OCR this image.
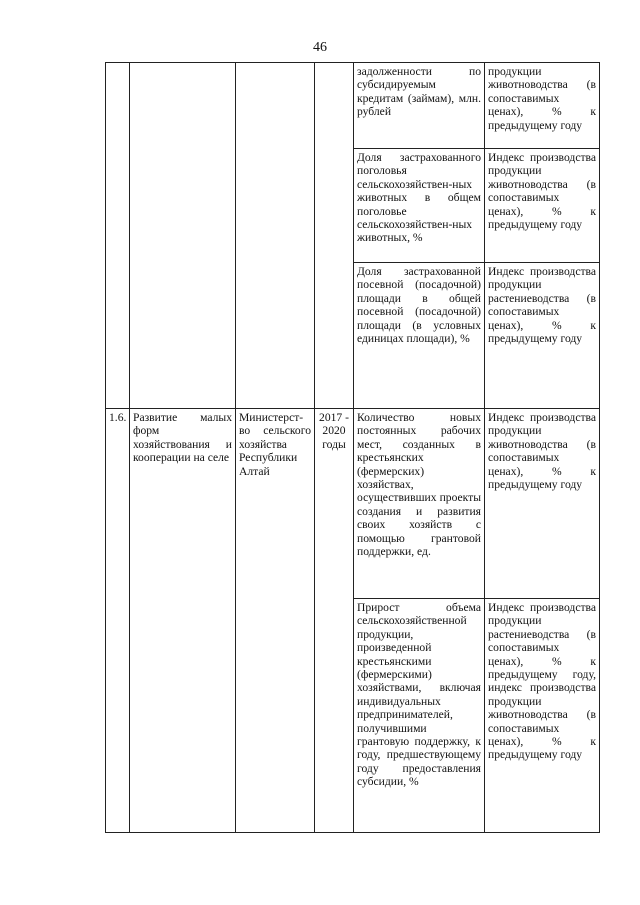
46
				задолженности по субсидируемым кредитам (займам), млн. рублей	продукции животноводства (в сопоставимых ценах), % к предыдущему году
				Доля застрахованного поголовья сельскохозяйствен-ных животных в общем поголовье сельскохозяйствен-ных животных, %	Индекс производства продукции животноводства (в сопоставимых ценах), % к предыдущему году
				Доля застрахованной посевной (посадочной) площади в общей посевной (посадочной) площади (в условных единицах площади), %	Индекс производства продукции растениеводства (в сопоставимых ценах), % к предыдущему году
1.6.	Развитие малых форм хозяйствования и кооперации на селе	Министерст-во сельского хозяйства Республики Алтай	2017 - 2020 годы	Количество новых постоянных рабочих мест, созданных в крестьянских (фермерских) хозяйствах, осуществивших проекты создания и развития своих хозяйств с помощью грантовой поддержки, ед.	Индекс производства продукции животноводства (в сопоставимых ценах), % к предыдущему году
				Прирост объема сельскохозяйственной продукции, произведенной крестьянскими (фермерскими) хозяйствами, включая индивидуальных предпринимателей, получившими грантовую поддержку, к году, предшествующему году предоставления субсидии, %	Индекс производства продукции растениеводства (в сопоставимых ценах), % к предыдущему году, индекс производства продукции животноводства (в сопоставимых ценах), % к предыдущему году
